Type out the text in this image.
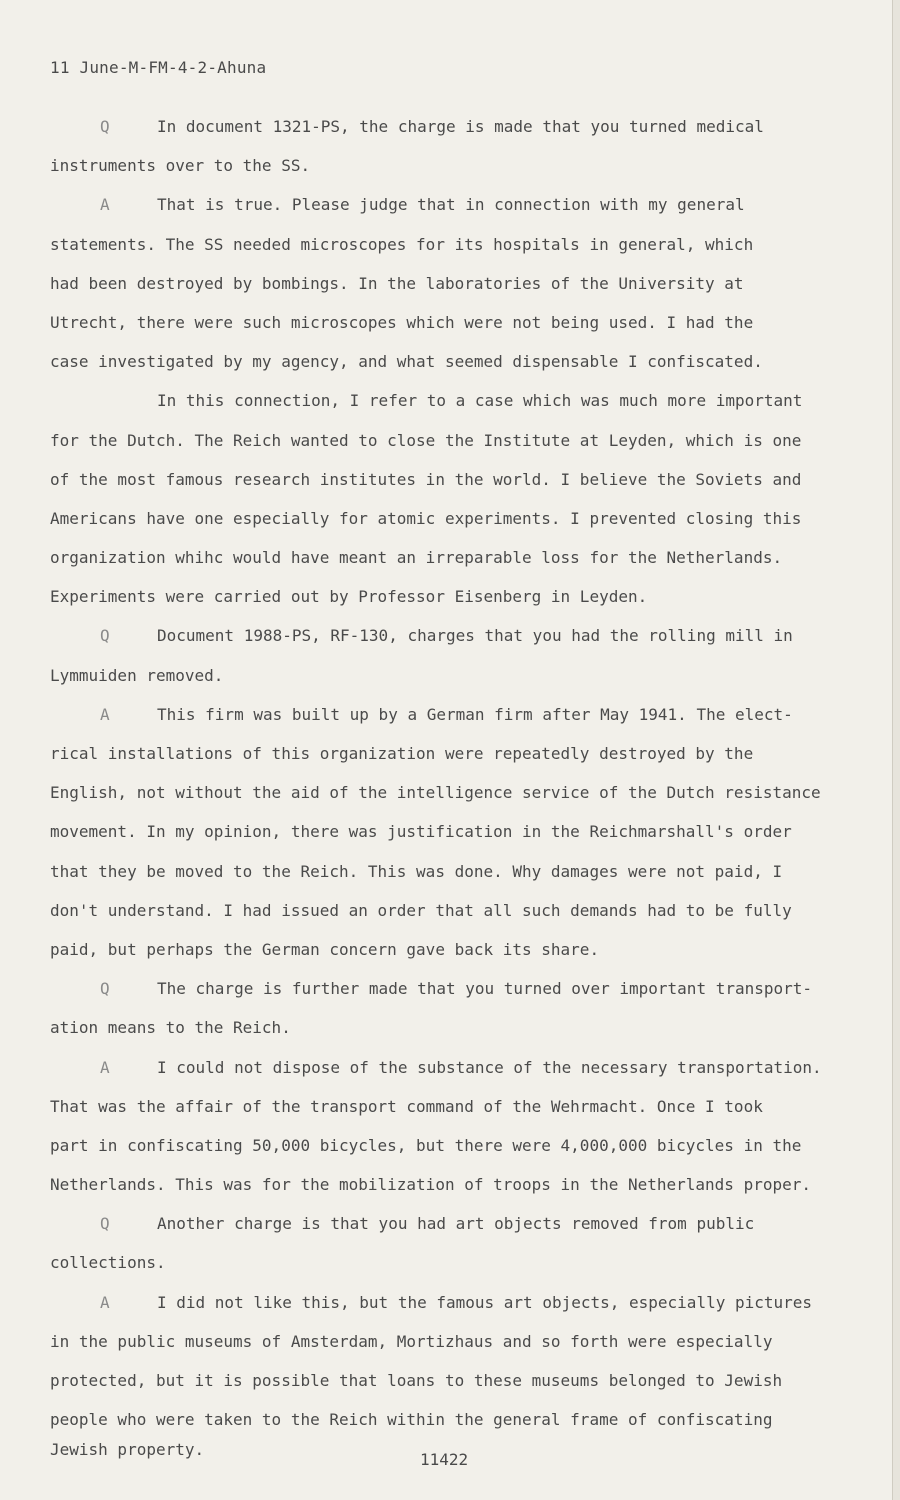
11 June-M-FM-4-2-Ahuna
Q	In document 1321-PS, the charge is made that you turned medical
instruments over to the SS.
A	That is true. Please judge that in connection with my general
statements. The SS needed microscopes for its hospitals in general, which
had been destroyed by bombings. In the laboratories of the University at
Utrecht, there were such microscopes which were not being used. I had the
case investigated by my agency, and what seemed dispensable I confiscated.
In this connection, I refer to a case which was much more important
for the Dutch. The Reich wanted to close the Institute at Leyden, which is one
of the most famous research institutes in the world. I believe the Soviets and
Americans have one especially for atomic experiments. I prevented closing this
organization whihc would have meant an irreparable loss for the Netherlands.
Experiments were carried out by Professor Eisenberg in Leyden.
Q	Document 1988-PS, RF-130, charges that you had the rolling mill in
Lymmuiden removed.
A	This firm was built up by a German firm after May 1941. The elect-
rical installations of this organization were repeatedly destroyed by the
English, not without the aid of the intelligence service of the Dutch resistance
movement. In my opinion, there was justification in the Reichmarshall's order
that they be moved to the Reich. This was done. Why damages were not paid, I
don't understand. I had issued an order that all such demands had to be fully
paid, but perhaps the German concern gave back its share.
Q	The charge is further made that you turned over important transport-
ation means to the Reich.
A	I could not dispose of the substance of the necessary transportation.
That was the affair of the transport command of the Wehrmacht. Once I took
part in confiscating 50,000 bicycles, but there were 4,000,000 bicycles in the
Netherlands. This was for the mobilization of troops in the Netherlands proper.
Q	Another charge is that you had art objects removed from public
collections.
A	I did not like this, but the famous art objects, especially pictures
in the public museums of Amsterdam, Mortizhaus and so forth were especially
protected, but it is possible that loans to these museums belonged to Jewish
people who were taken to the Reich within the general frame of confiscating
Jewish property.
11422
